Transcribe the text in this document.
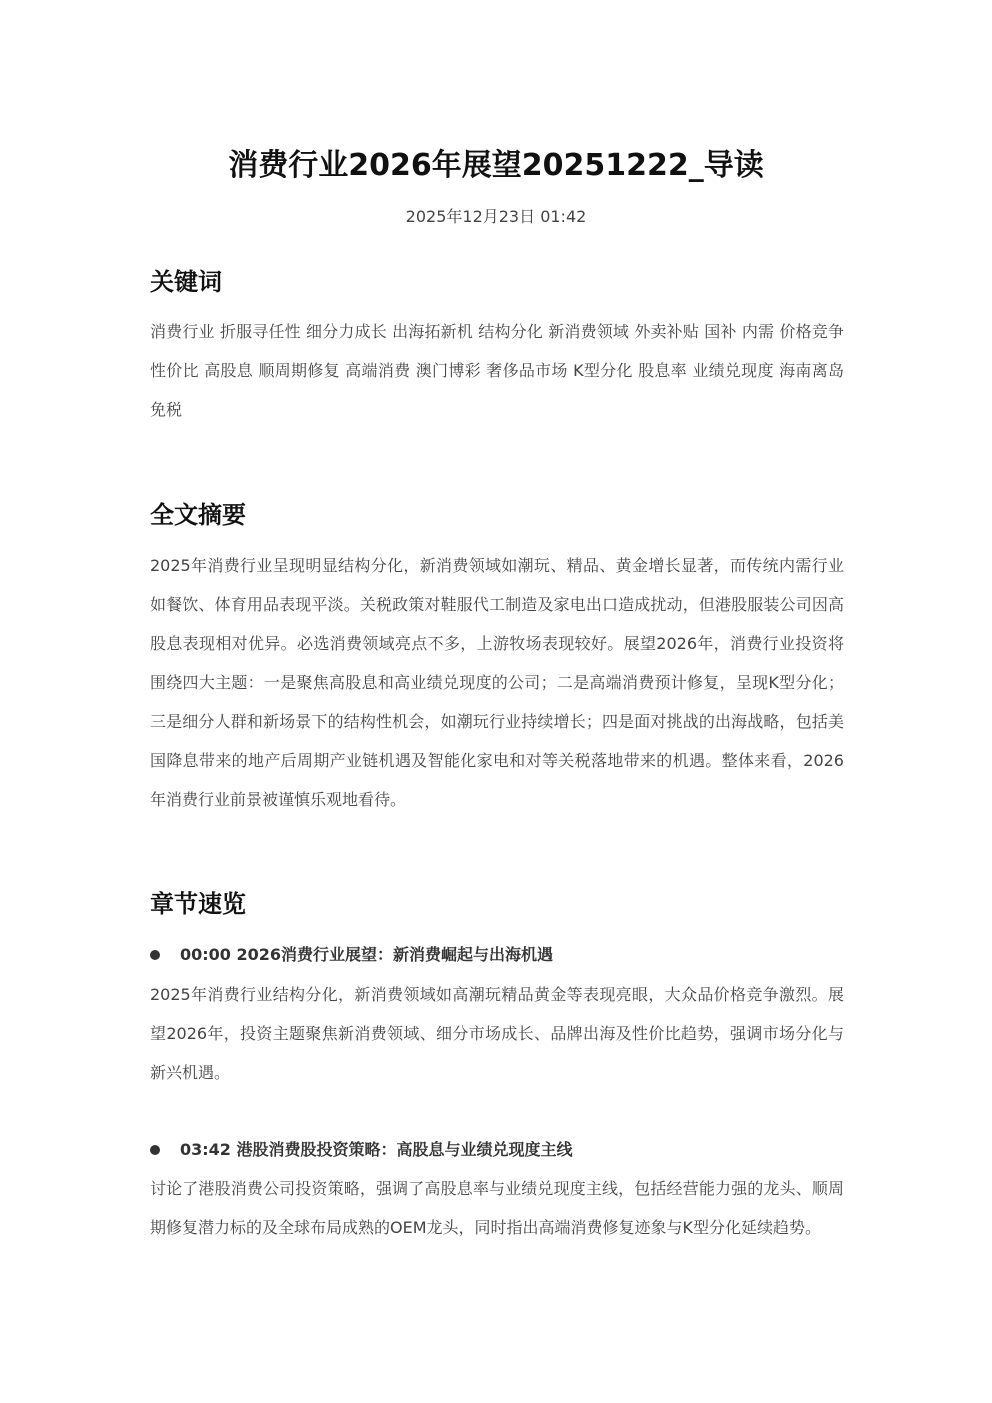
消费行业2026年展望20251222_导读
2025年12月23日 01:42
关键词
消费行业 折服寻任性 细分力成长 出海拓新机 结构分化 新消费领域 外卖补贴 国补 内需 价格竞争 性价比 高股息 顺周期修复 高端消费 澳门博彩 奢侈品市场 K型分化 股息率 业绩兑现度 海南离岛免税
全文摘要
2025年消费行业呈现明显结构分化，新消费领域如潮玩、精品、黄金增长显著，而传统内需行业如餐饮、体育用品表现平淡。关税政策对鞋服代工制造及家电出口造成扰动，但港股服装公司因高股息表现相对优异。必选消费领域亮点不多，上游牧场表现较好。展望2026年，消费行业投资将围绕四大主题：一是聚焦高股息和高业绩兑现度的公司；二是高端消费预计修复，呈现K型分化；三是细分人群和新场景下的结构性机会，如潮玩行业持续增长；四是面对挑战的出海战略，包括美国降息带来的地产后周期产业链机遇及智能化家电和对等关税落地带来的机遇。整体来看，2026年消费行业前景被谨慎乐观地看待。
章节速览
00:00 2026消费行业展望：新消费崛起与出海机遇
2025年消费行业结构分化，新消费领域如高潮玩精品黄金等表现亮眼，大众品价格竞争激烈。展望2026年，投资主题聚焦新消费领域、细分市场成长、品牌出海及性价比趋势，强调市场分化与新兴机遇。
03:42 港股消费股投资策略：高股息与业绩兑现度主线
讨论了港股消费公司投资策略，强调了高股息率与业绩兑现度主线，包括经营能力强的龙头、顺周期修复潜力标的及全球布局成熟的OEM龙头，同时指出高端消费修复迹象与K型分化延续趋势。
